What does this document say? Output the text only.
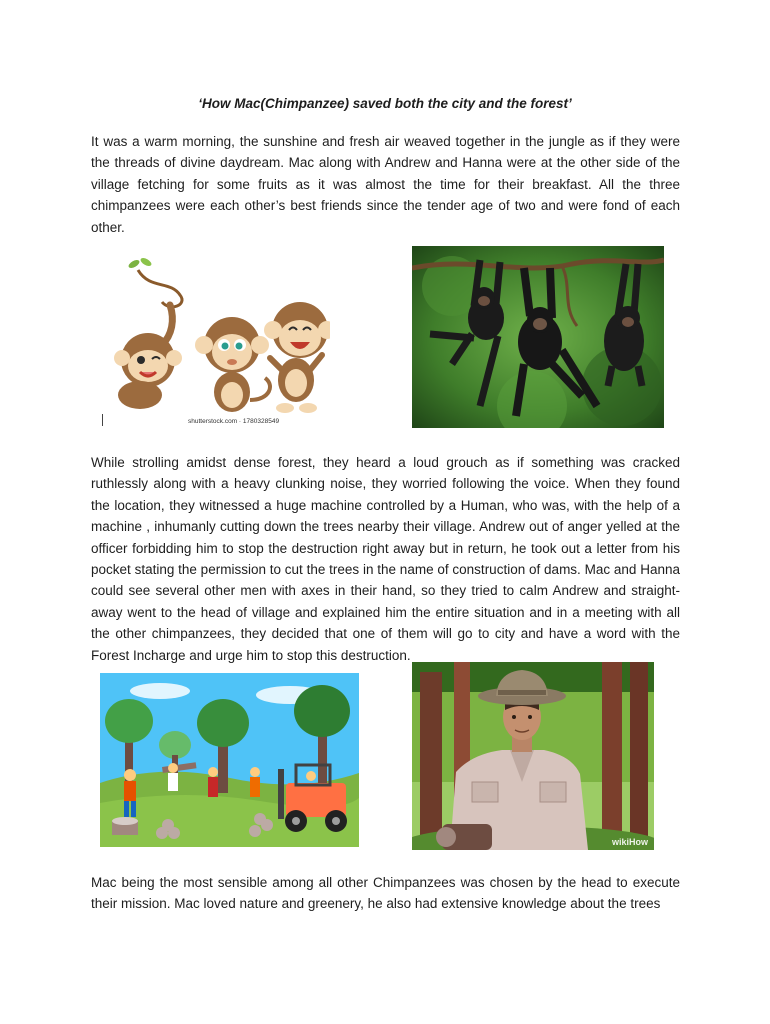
‘How Mac(Chimpanzee) saved both the city and the forest’

It was a warm morning, the sunshine and fresh air weaved together in the jungle as if they were the threads of divine daydream. Mac along with Andrew and Hanna were at the other side of the village fetching for some fruits as it was almost the time for their breakfast. All the three chimpanzees were each other’s best friends since the tender age of two and were fond of each other.

shutterstock.com · 1780328549

While strolling amidst dense forest, they heard a loud grouch as if something was cracked ruthlessly along with a heavy clunking noise, they worried following the voice. When they found the location, they witnessed a huge machine controlled by a Human, who was, with the help of a machine , inhumanly cutting down the trees nearby their village. Andrew out of anger yelled at the officer forbidding him to stop the destruction right away but in return, he took out a letter from his pocket stating the permission to cut the trees in the name of construction of dams. Mac and Hanna could see several other men with axes in their hand, so they tried to calm Andrew and straight-away went to the head of village and explained him the entire situation and in a meeting with all the other chimpanzees, they decided that one of them will go to city and have a word with the Forest Incharge and urge him to stop this destruction.

wikiHow

Mac being the most sensible among all other Chimpanzees was chosen by the head to execute their mission. Mac loved nature and greenery, he also had extensive knowledge about the trees
